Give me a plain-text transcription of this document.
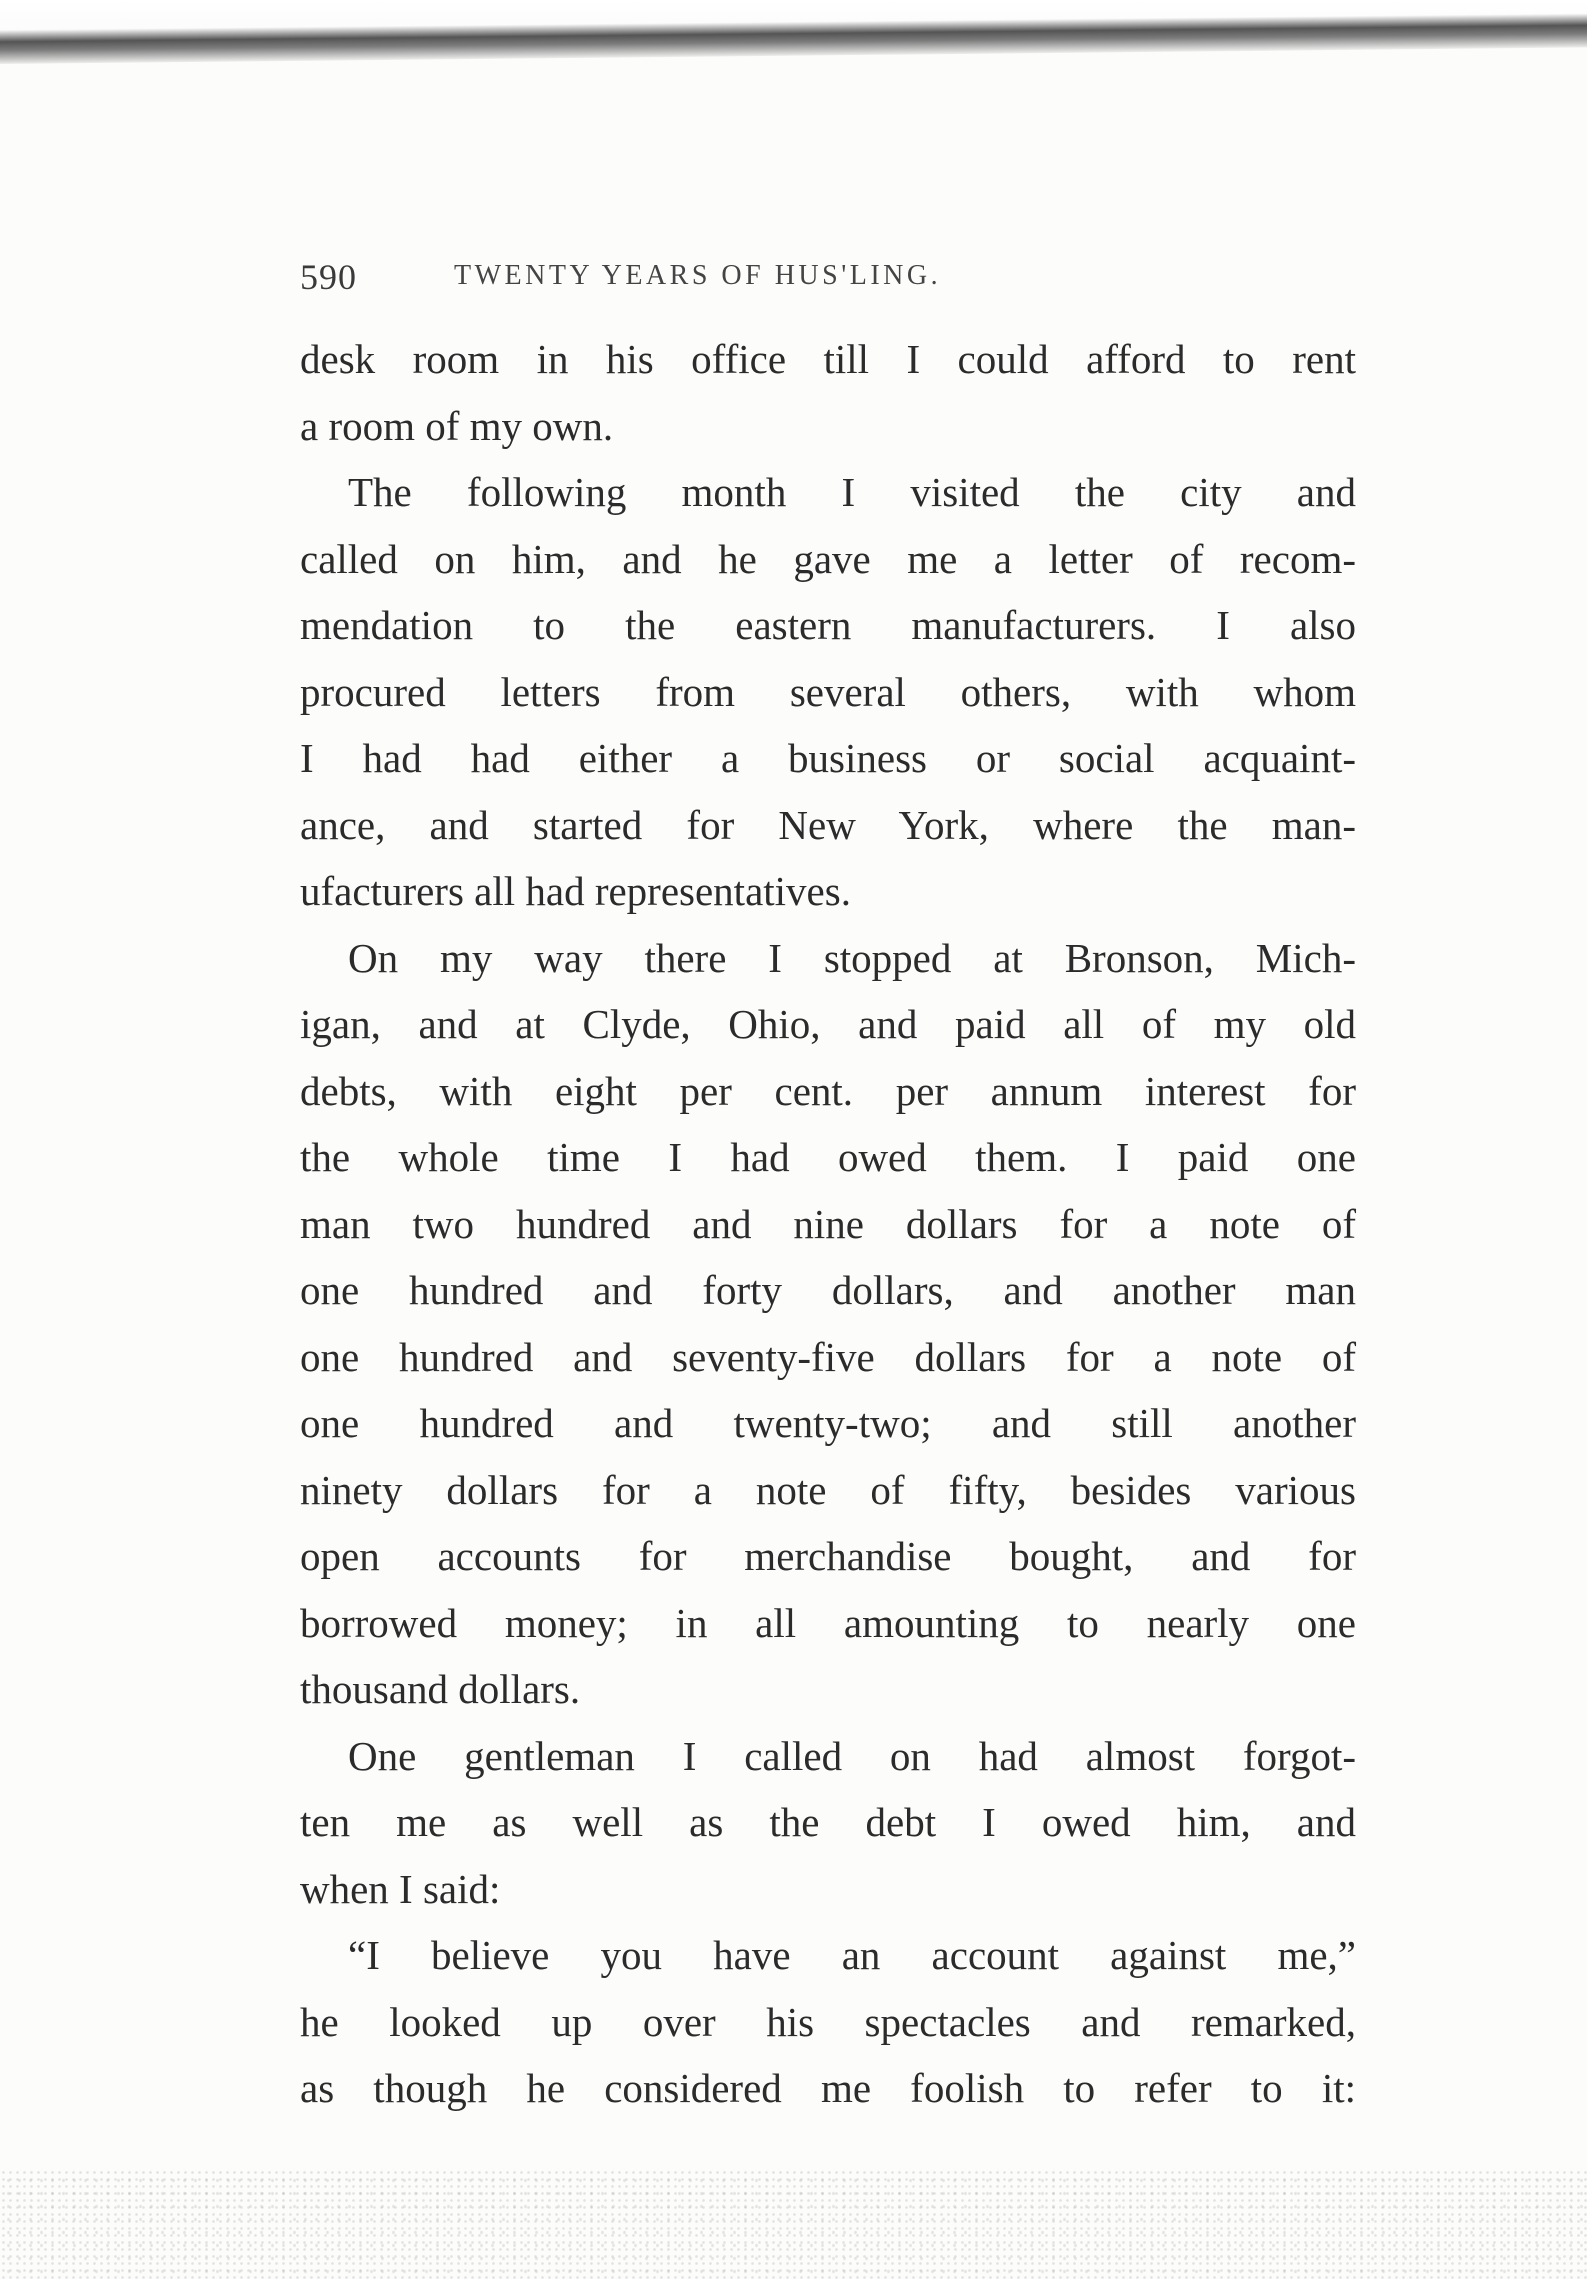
590	TWENTY YEARS OF HUS'LING.
desk room in his office till I could afford to rent
a room of my own.
The following month I visited the city and
called on him, and he gave me a letter of recom-
mendation to the eastern manufacturers. I also
procured letters from several others, with whom
I had had either a business or social acquaint-
ance, and started for New York, where the man-
ufacturers all had representatives.
On my way there I stopped at Bronson, Mich-
igan, and at Clyde, Ohio, and paid all of my old
debts, with eight per cent. per annum interest for
the whole time I had owed them. I paid one
man two hundred and nine dollars for a note of
one hundred and forty dollars, and another man
one hundred and seventy-five dollars for a note of
one hundred and twenty-two; and still another
ninety dollars for a note of fifty, besides various
open accounts for merchandise bought, and for
borrowed money; in all amounting to nearly one
thousand dollars.
One gentleman I called on had almost forgot-
ten me as well as the debt I owed him, and
when I said:
“I believe you have an account against me,”
he looked up over his spectacles and remarked,
as though he considered me foolish to refer to it:
